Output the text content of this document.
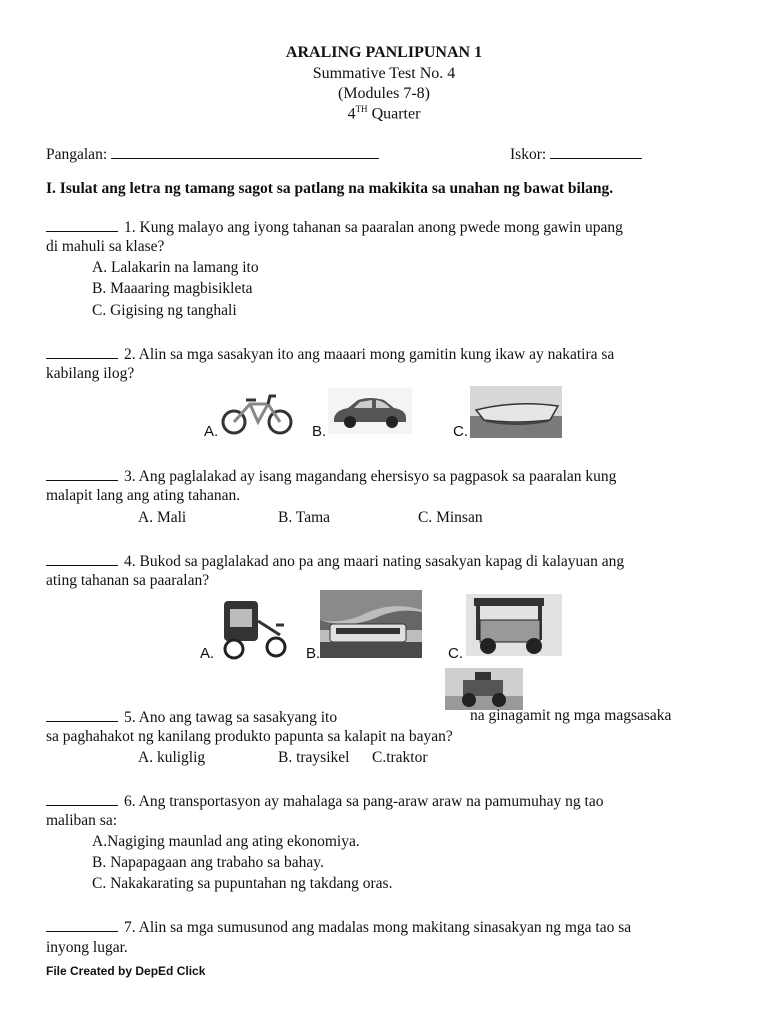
ARALING PANLIPUNAN 1
Summative Test No. 4
(Modules 7-8)
4TH Quarter
Pangalan:	Iskor:
I. Isulat ang letra ng tamang sagot sa patlang na makikita sa unahan ng bawat bilang.
1. Kung malayo ang iyong tahanan sa paaralan anong pwede mong gawin upang
di mahuli sa klase?
A. Lalakarin na lamang ito
B. Maaaring magbisikleta
C. Gigising ng tanghali
2. Alin sa mga sasakyan ito ang maaari mong gamitin kung ikaw ay nakatira sa
kabilang ilog?
A.	B.	C.
3. Ang paglalakad ay isang magandang ehersisyo sa pagpasok sa paaralan kung
malapit lang ang ating tahanan.
A. Mali	B. Tama	C. Minsan
4. Bukod sa paglalakad ano pa ang maari nating sasakyan kapag di kalayuan ang
ating tahanan sa paaralan?
A.	B.	C.
5. Ano ang tawag sa sasakyang ito	na ginagamit ng mga magsasaka
sa paghahakot ng kanilang produkto papunta sa kalapit na bayan?
A. kuliglig	B. traysikel C.traktor
6. Ang transportasyon ay mahalaga sa pang-araw araw na pamumuhay ng tao
maliban sa:
A.Nagiging maunlad ang ating ekonomiya.
B. Napapagaan ang trabaho sa bahay.
C. Nakakarating sa pupuntahan ng takdang oras.
7. Alin sa mga sumusunod ang madalas mong makitang sinasakyan ng mga tao sa
inyong lugar.
File Created by DepEd Click
